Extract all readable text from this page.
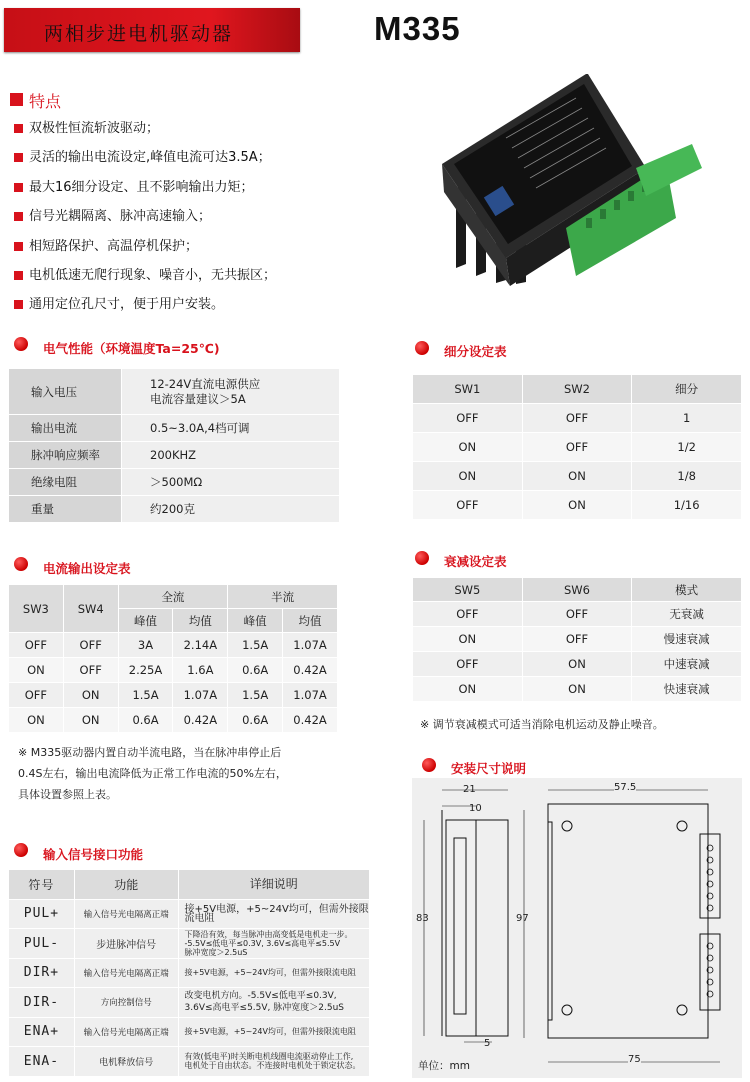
两相步进电机驱动器	M335
特点
双极性恒流斩波驱动；
灵活的输出电流设定,峰值电流可达3.5A；
最大16细分设定、且不影响输出力矩；
信号光耦隔离、脉冲高速输入；
相短路保护、高温停机保护；
电机低速无爬行现象、噪音小，无共振区；
通用定位孔尺寸，便于用户安装。
电气性能（环境温度Ta=25℃)
输入电压	12-24V直流电源供应
电流容量建议＞5A

输出电流	0.5~3.0A,4档可调
脉冲响应频率	200KHZ
绝缘电阻	＞500MΩ
重量	约200克
细分设定表
SW1	SW2	细分
OFF	OFF	1
ON	OFF	1/2
ON	ON	1/8
OFF	ON	1/16
电流输出设定表
SW3	SW4	全流		半流	
		峰值	均值	峰值	均值
OFF	OFF	3A	2.14A	1.5A	1.07A
ON	OFF	2.25A	1.6A	0.6A	0.42A
OFF	ON	1.5A	1.07A	1.5A	1.07A
ON	ON	0.6A	0.42A	0.6A	0.42A
※ M335驱动器内置自动半流电路，当在脉冲串停止后
0.4S左右，输出电流降低为正常工作电流的50%左右，
具体设置参照上表。
衰减设定表
SW5	SW6	模式
OFF	OFF	无衰减
ON	OFF	慢速衰减
OFF	ON	中速衰减
ON	ON	快速衰减
※ 调节衰减模式可适当消除电机运动及静止噪音。
输入信号接口功能
符号	功能	详细说明
PUL+	输入信号光电隔离正端	接+5V电源，+5~24V均可，但需外接限流电阻

PUL-	步进脉冲信号	下降沿有效，每当脉冲由高变低是电机走一步。
-5.5V≤低电平≤0.3V, 3.6V≤高电平≤5.5V
脉冲宽度＞2.5uS

DIR+	输入信号光电隔离正端	接+5V电源，+5~24V均可，但需外接限流电阻

DIR-	方向控制信号	改变电机方向。-5.5V≤低电平≤0.3V,
3.6V≤高电平≤5.5V, 脉冲宽度＞2.5uS

ENA+	输入信号光电隔离正端	接+5V电源，+5~24V均可，但需外接限流电阻

ENA-	电机释放信号	有效(低电平)时关断电机线圈电流驱动停止工作,
电机处于自由状态。不连接时电机处于锁定状态。
安装尺寸说明
21
10
83	97
5
57.5
75
单位：mm
